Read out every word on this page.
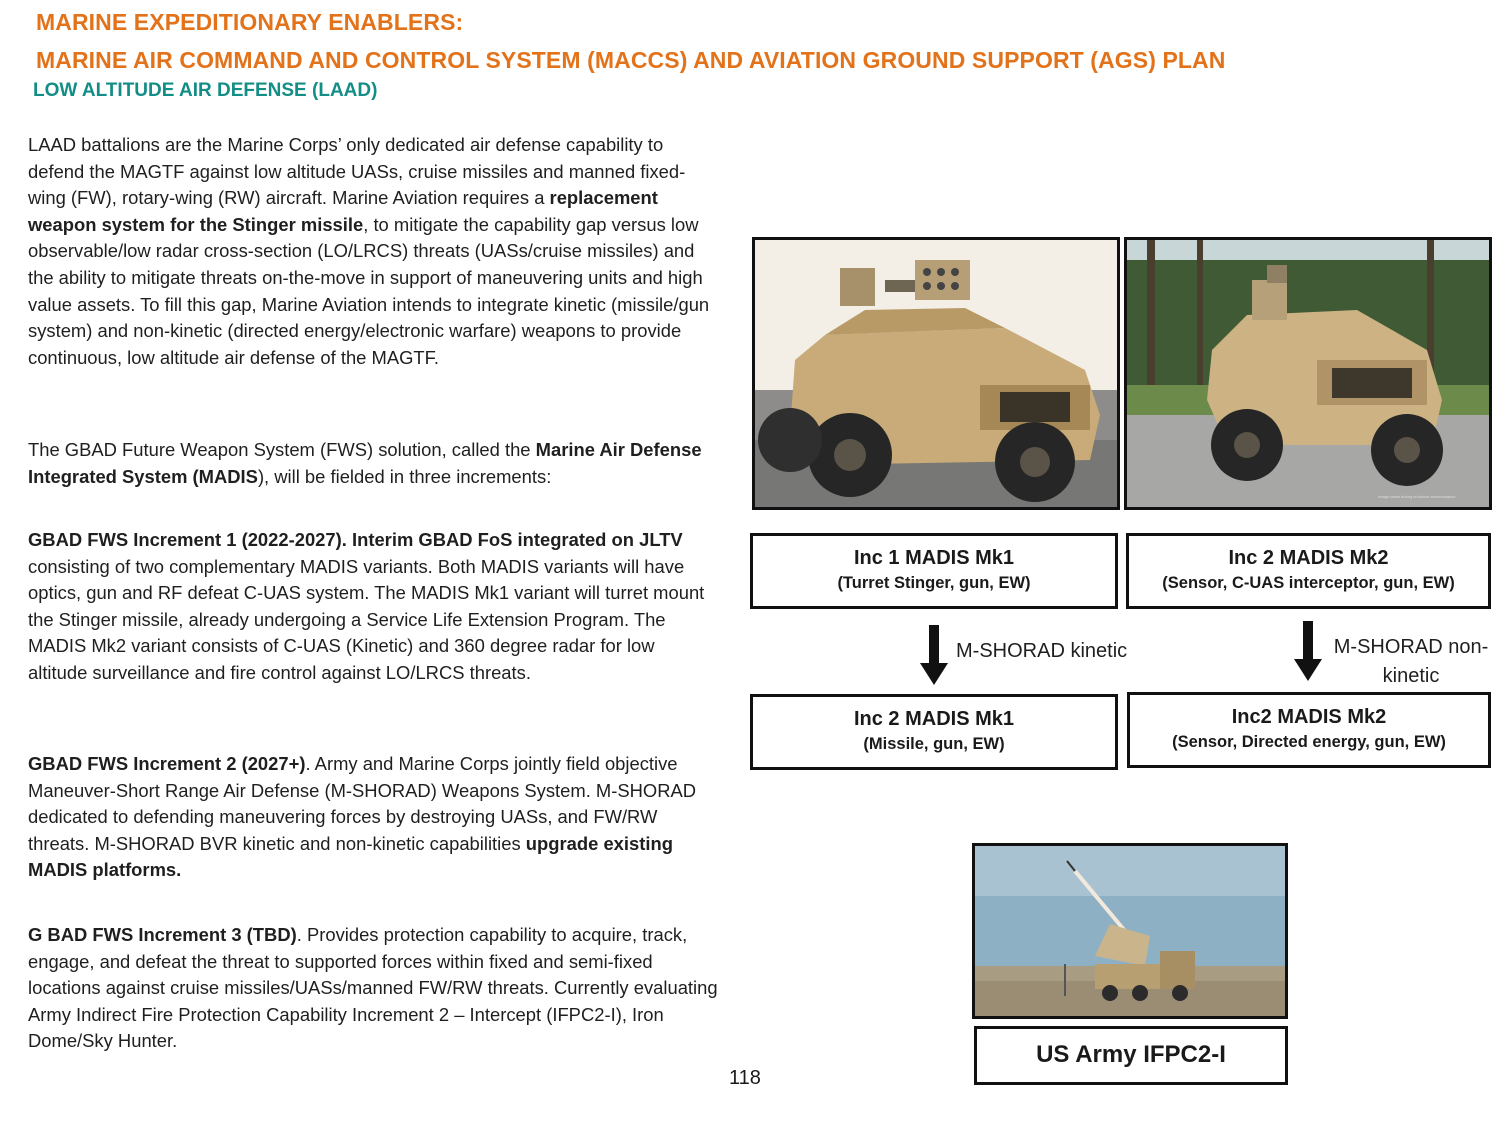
MARINE EXPEDITIONARY ENABLERS:
MARINE AIR COMMAND AND CONTROL SYSTEM (MACCS) AND AVIATION GROUND SUPPORT (AGS) PLAN
LOW ALTITUDE AIR DEFENSE (LAAD)

LAAD battalions are the Marine Corps’ only dedicated air defense capability to defend the MAGTF against low altitude UASs, cruise missiles and manned fixed-wing (FW), rotary-wing (RW) aircraft. Marine Aviation requires a replacement weapon system for the Stinger missile, to mitigate the capability gap versus low observable/low radar cross-section (LO/LRCS) threats (UASs/cruise missiles) and the ability to mitigate threats on-the-move in support of maneuvering units and high value assets. To fill this gap, Marine Aviation intends to integrate kinetic (missile/gun system) and non-kinetic (directed energy/electronic warfare) weapons to provide continuous, low altitude air defense of the MAGTF.

The GBAD Future Weapon System (FWS) solution, called the Marine Air Defense Integrated System (MADIS), will be fielded in three increments:

GBAD FWS Increment 1 (2022-2027). Interim GBAD FoS integrated on JLTV consisting of two complementary MADIS variants. Both MADIS variants will have optics, gun and RF defeat C-UAS system. The MADIS Mk1 variant will turret mount the Stinger missile, already undergoing a Service Life Extension Program. The MADIS Mk2 variant consists of C-UAS (Kinetic) and 360 degree radar for low altitude surveillance and fire control against LO/LRCS threats.

GBAD FWS Increment 2 (2027+). Army and Marine Corps jointly field objective Maneuver-Short Range Air Defense (M-SHORAD) Weapons System. M-SHORAD dedicated to defending maneuvering forces by destroying UASs, and FW/RW threats. M-SHORAD BVR kinetic and non-kinetic capabilities upgrade existing MADIS platforms.

G BAD FWS Increment 3 (TBD). Provides protection capability to acquire, track, engage, and defeat the threat to supported forces within fixed and semi-fixed locations against cruise missiles/UASs/manned FW/RW threats. Currently evaluating Army Indirect Fire Protection Capability Increment 2 – Intercept (IFPC2-I), Iron Dome/Sky Hunter.

Image taken during technical demonstration
Inc 1 MADIS Mk1
(Turret Stinger, gun, EW)
Inc 2 MADIS Mk2
(Sensor, C-UAS interceptor, gun, EW)
M-SHORAD kinetic	M-SHORAD non-
kinetic
Inc 2 MADIS Mk1
(Missile, gun, EW)
Inc2 MADIS Mk2
(Sensor, Directed energy, gun, EW)
US Army IFPC2-I
118
